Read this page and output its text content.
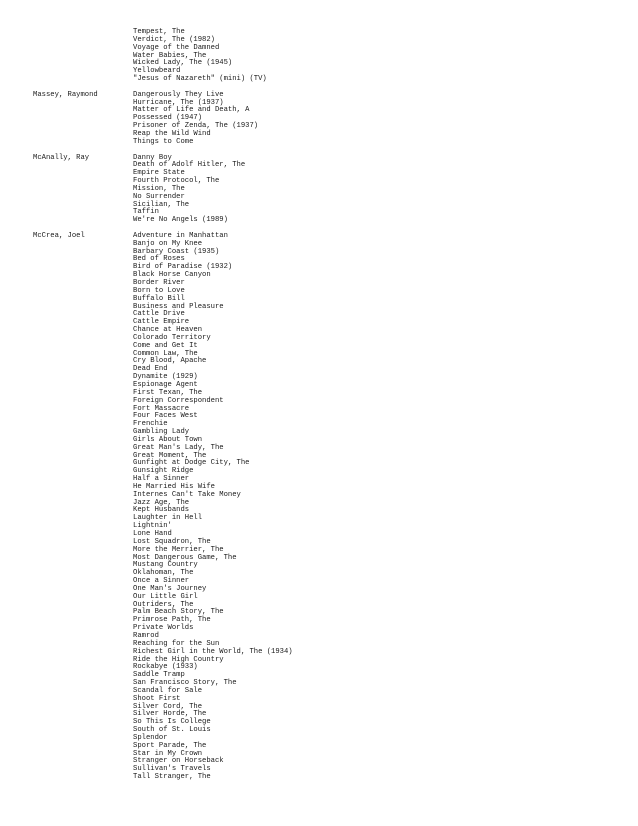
Tempest, The
Verdict, The (1982)
Voyage of the Damned
Water Babies, The
Wicked Lady, The (1945)
Yellowbeard
"Jesus of Nazareth" (mini) (TV)
Massey, Raymond	Dangerously They Live
Hurricane, The (1937)
Matter of Life and Death, A
Possessed (1947)
Prisoner of Zenda, The (1937)
Reap the Wild Wind
Things to Come
McAnally, Ray	Danny Boy
Death of Adolf Hitler, The
Empire State
Fourth Protocol, The
Mission, The
No Surrender
Sicilian, The
Taffin
We're No Angels (1989)
McCrea, Joel	Adventure in Manhattan
Banjo on My Knee
Barbary Coast (1935)
Bed of Roses
Bird of Paradise (1932)
Black Horse Canyon
Border River
Born to Love
Buffalo Bill
Business and Pleasure
Cattle Drive
Cattle Empire
Chance at Heaven
Colorado Territory
Come and Get It
Common Law, The
Cry Blood, Apache
Dead End
Dynamite (1929)
Espionage Agent
First Texan, The
Foreign Correspondent
Fort Massacre
Four Faces West
Frenchie
Gambling Lady
Girls About Town
Great Man's Lady, The
Great Moment, The
Gunfight at Dodge City, The
Gunsight Ridge
Half a Sinner
He Married His Wife
Internes Can't Take Money
Jazz Age, The
Kept Husbands
Laughter in Hell
Lightnin'
Lone Hand
Lost Squadron, The
More the Merrier, The
Most Dangerous Game, The
Mustang Country
Oklahoman, The
Once a Sinner
One Man's Journey
Our Little Girl
Outriders, The
Palm Beach Story, The
Primrose Path, The
Private Worlds
Ramrod
Reaching for the Sun
Richest Girl in the World, The (1934)
Ride the High Country
Rockabye (1933)
Saddle Tramp
San Francisco Story, The
Scandal for Sale
Shoot First
Silver Cord, The
Silver Horde, The
So This Is College
South of St. Louis
Splendor
Sport Parade, The
Star in My Crown
Stranger on Horseback
Sullivan's Travels
Tall Stranger, The
